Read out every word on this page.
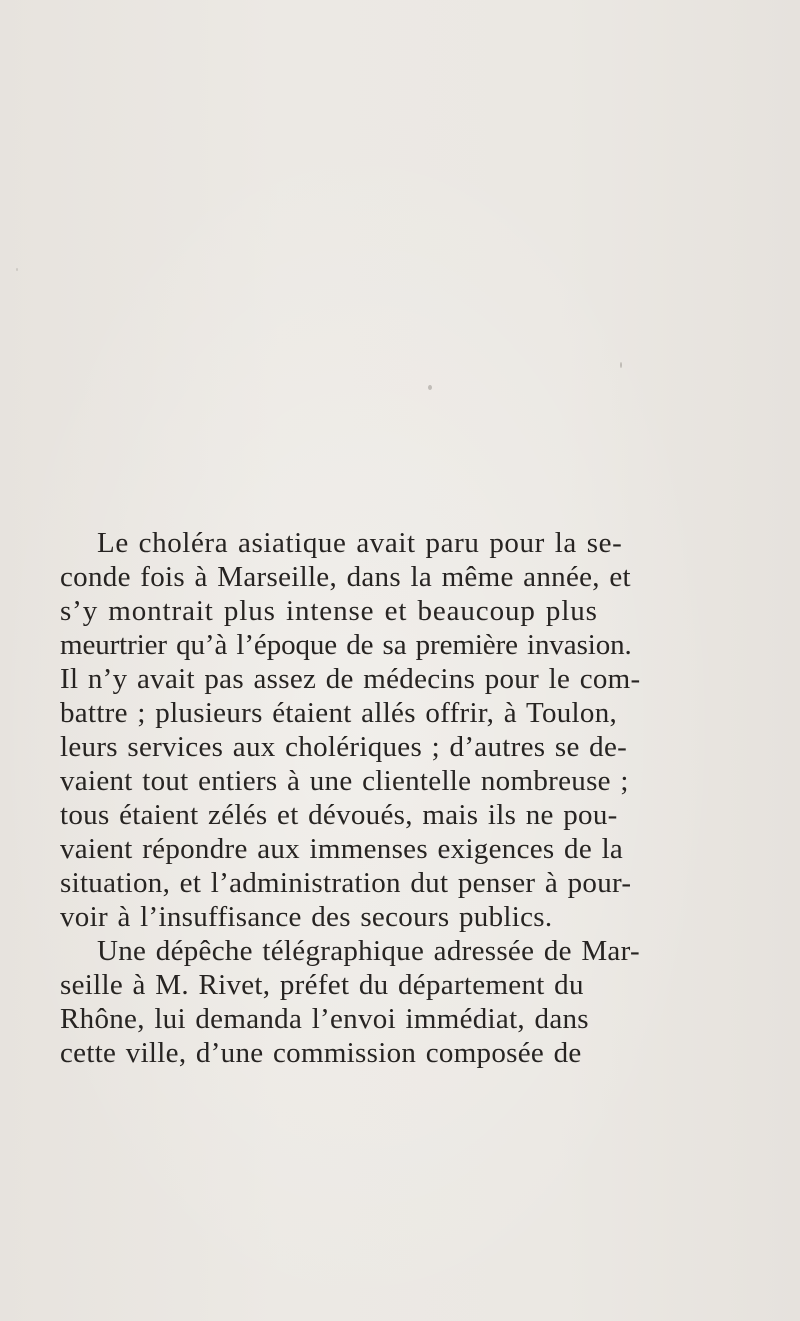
Le choléra asiatique avait paru pour la se-
conde fois à Marseille, dans la même année, et
s’y montrait plus intense et beaucoup plus
meurtrier qu’à l’époque de sa première invasion.
Il n’y avait pas assez de médecins pour le com-
battre ; plusieurs étaient allés offrir, à Toulon,
leurs services aux cholériques ; d’autres se de-
vaient tout entiers à une clientelle nombreuse ;
tous étaient zélés et dévoués, mais ils ne pou-
vaient répondre aux immenses exigences de la
situation, et l’administration dut penser à pour-
voir à l’insuffisance des secours publics.
Une dépêche télégraphique adressée de Mar-
seille à M. Rivet, préfet du département du
Rhône, lui demanda l’envoi immédiat, dans
cette ville, d’une commission composée de
